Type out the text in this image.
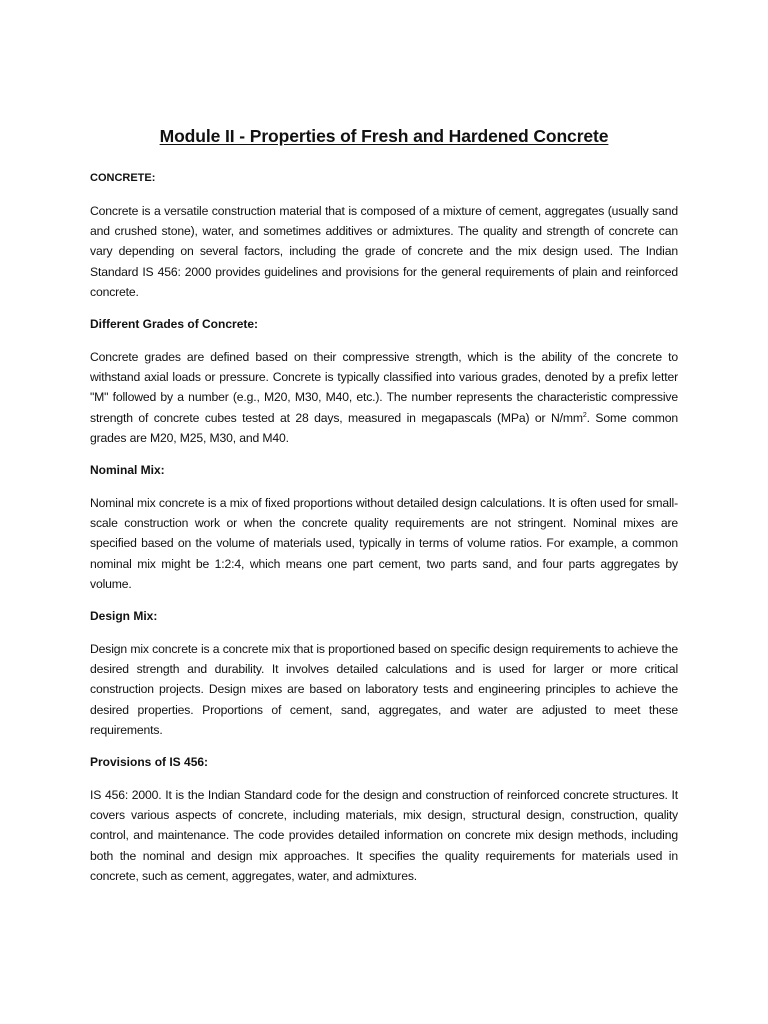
Module II - Properties of Fresh and Hardened Concrete
CONCRETE:

Concrete is a versatile construction material that is composed of a mixture of cement, aggregates (usually sand and crushed stone), water, and sometimes additives or admixtures. The quality and strength of concrete can vary depending on several factors, including the grade of concrete and the mix design used. The Indian Standard IS 456: 2000 provides guidelines and provisions for the general requirements of plain and reinforced concrete.

Different Grades of Concrete:

Concrete grades are defined based on their compressive strength, which is the ability of the concrete to withstand axial loads or pressure. Concrete is typically classified into various grades, denoted by a prefix letter "M" followed by a number (e.g., M20, M30, M40, etc.). The number represents the characteristic compressive strength of concrete cubes tested at 28 days, measured in megapascals (MPa) or $N/mm^2$. Some common grades are M20, M25, M30, and M40.

Nominal Mix:

Nominal mix concrete is a mix of fixed proportions without detailed design calculations. It is often used for small-scale construction work or when the concrete quality requirements are not stringent. Nominal mixes are specified based on the volume of materials used, typically in terms of volume ratios. For example, a common nominal mix might be 1:2:4, which means one part cement, two parts sand, and four parts aggregates by volume.

Design Mix:

Design mix concrete is a concrete mix that is proportioned based on specific design requirements to achieve the desired strength and durability. It involves detailed calculations and is used for larger or more critical construction projects. Design mixes are based on laboratory tests and engineering principles to achieve the desired properties. Proportions of cement, sand, aggregates, and water are adjusted to meet these requirements.

Provisions of IS 456:

IS 456: 2000. It is the Indian Standard code for the design and construction of reinforced concrete structures. It covers various aspects of concrete, including materials, mix design, structural design, construction, quality control, and maintenance. The code provides detailed information on concrete mix design methods, including both the nominal and design mix approaches. It specifies the quality requirements for materials used in concrete, such as cement, aggregates, water, and admixtures.
